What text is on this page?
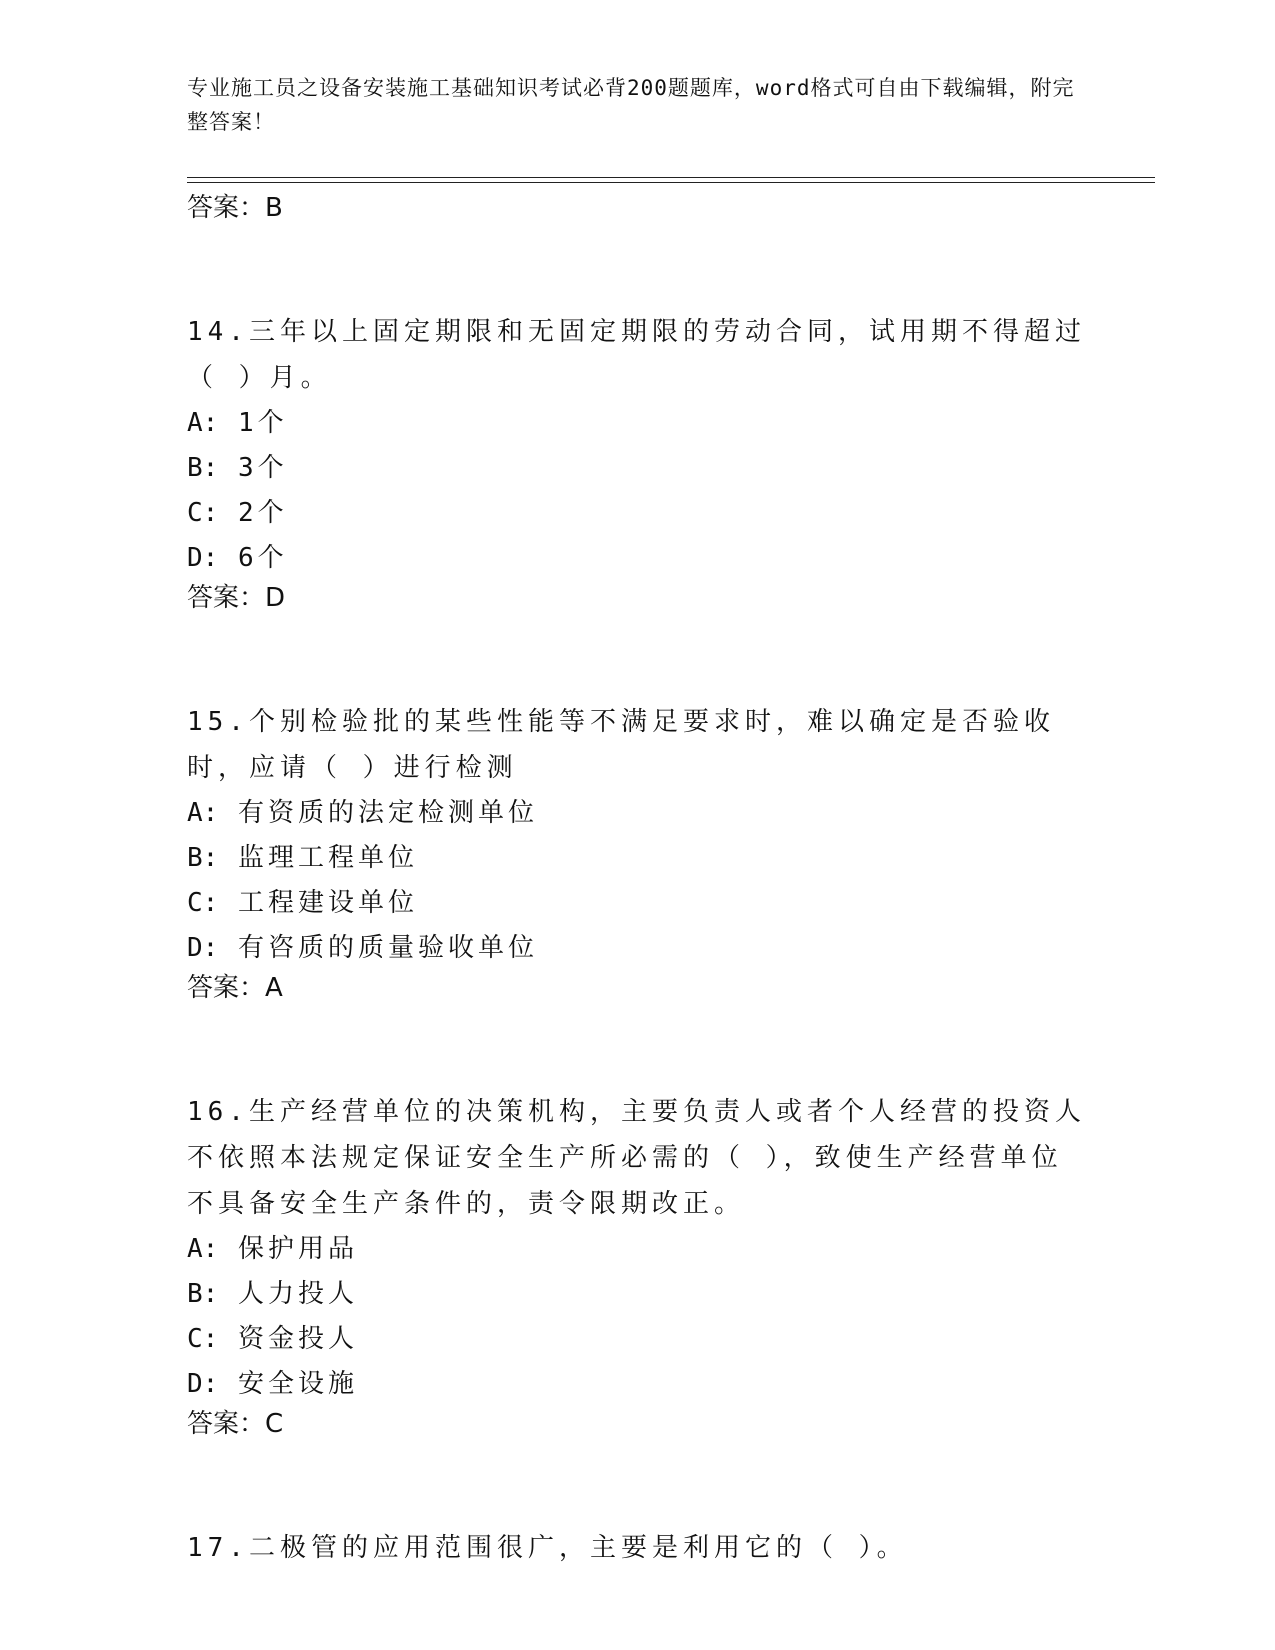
专业施工员之设备安装施工基础知识考试必背200题题库，word格式可自由下载编辑，附完整答案！
答案：B
14.三年以上固定期限和无固定期限的劳动合同，试用期不得超过（ ）月。
A: 1个
B: 3个
C: 2个
D: 6个
答案：D
15.个别检验批的某些性能等不满足要求时，难以确定是否验收时，应请（ ）进行检测
A: 有资质的法定检测单位
B: 监理工程单位
C: 工程建设单位
D: 有咨质的质量验收单位
答案：A
16.生产经营单位的决策机构，主要负责人或者个人经营的投资人不依照本法规定保证安全生产所必需的（ ），致使生产经营单位不具备安全生产条件的，责令限期改正。
A: 保护用品
B: 人力投人
C: 资金投人
D: 安全设施
答案：C
17.二极管的应用范围很广，主要是利用它的（ ）。
